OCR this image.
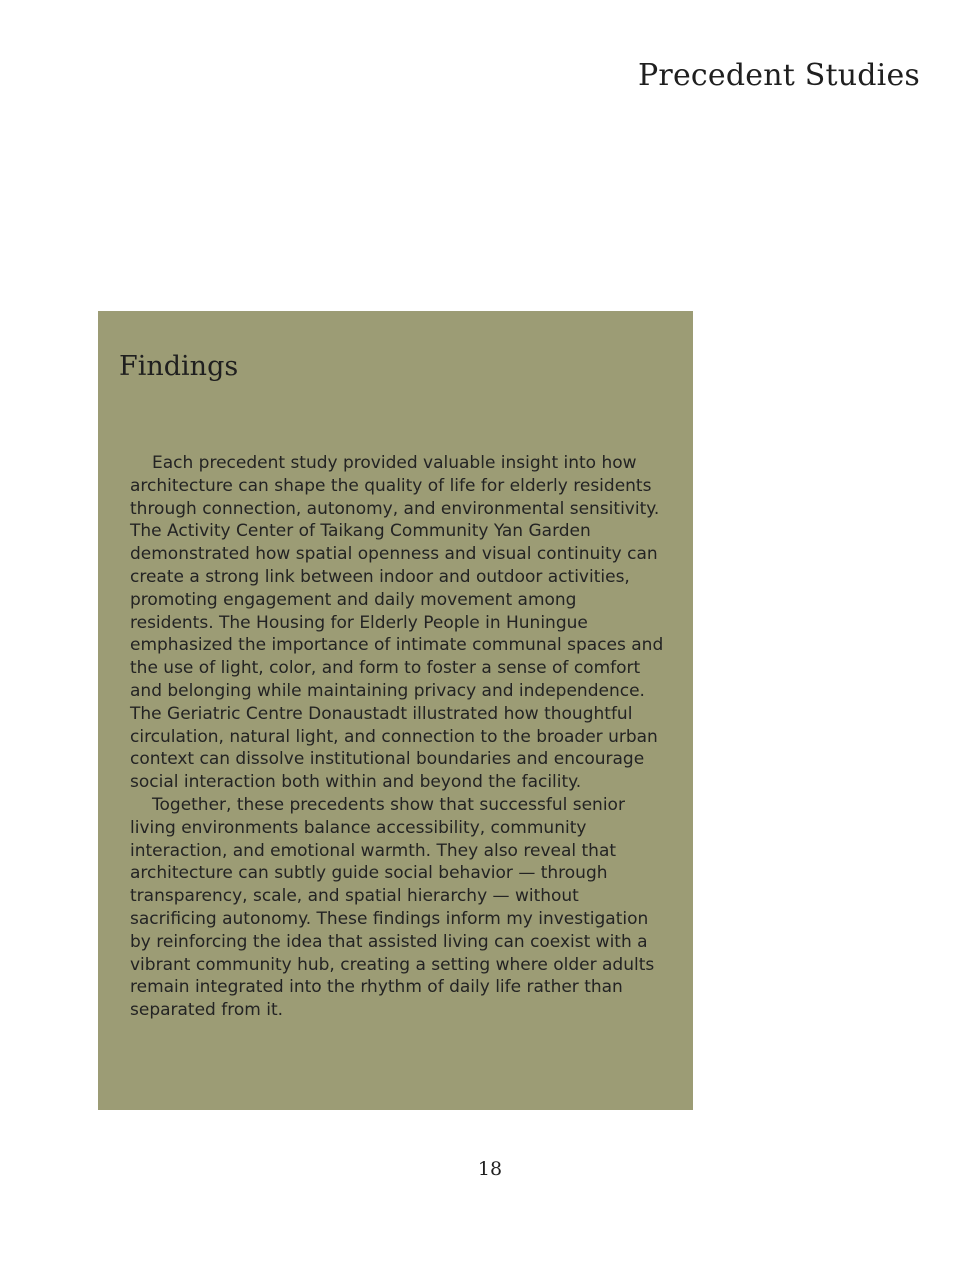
Precedent Studies
Findings

Each precedent study provided valuable insight into how architecture can shape the quality of life for elderly residents through connection, autonomy, and environmental sensitivity. The Activity Center of Taikang Community Yan Garden demonstrated how spatial openness and visual continuity can create a strong link between indoor and outdoor activities, promoting engagement and daily movement among residents. The Housing for Elderly People in Huningue emphasized the importance of intimate communal spaces and the use of light, color, and form to foster a sense of comfort and belonging while maintaining privacy and independence. The Geriatric Centre Donaustadt illustrated how thoughtful circulation, natural light, and connection to the broader urban context can dissolve institutional boundaries and encourage social interaction both within and beyond the facility.

Together, these precedents show that successful senior living environments balance accessibility, community interaction, and emotional warmth. They also reveal that architecture can subtly guide social behavior — through transparency, scale, and spatial hierarchy — without sacrificing autonomy. These findings inform my investigation by reinforcing the idea that assisted living can coexist with a vibrant community hub, creating a setting where older adults remain integrated into the rhythm of daily life rather than separated from it.

18
